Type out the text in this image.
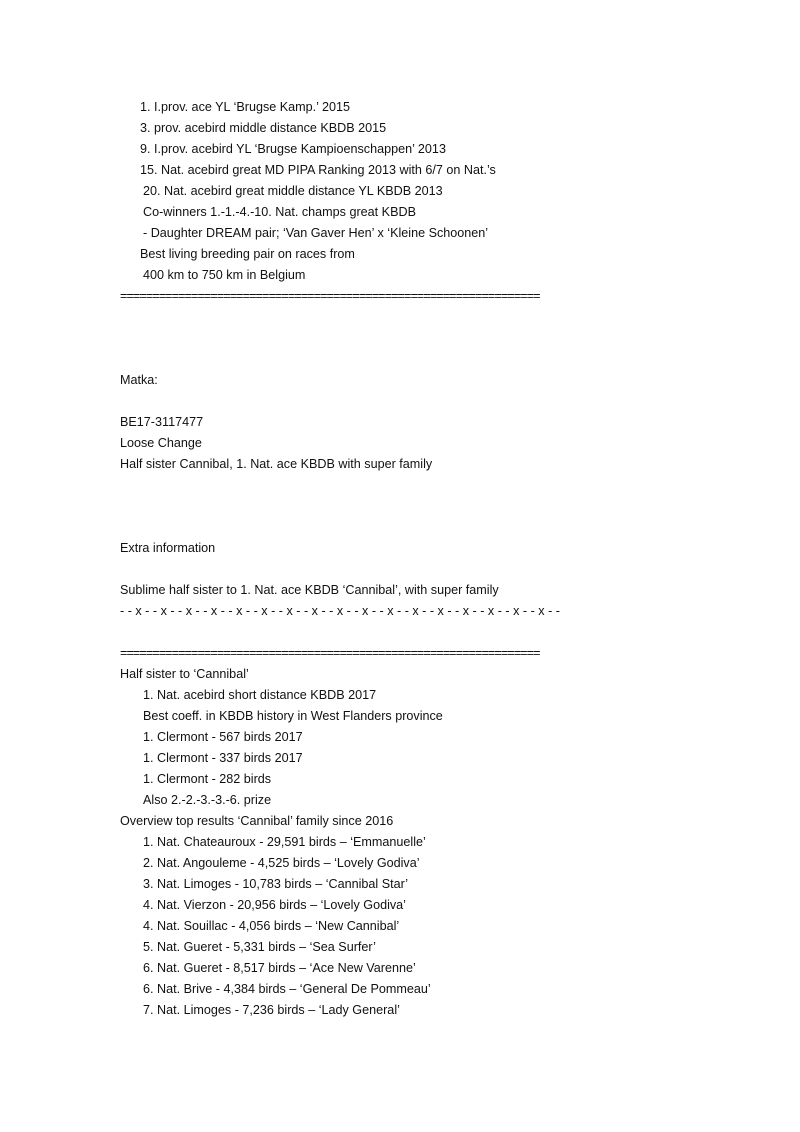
1. I.prov. ace YL ‘Brugse Kamp.’ 2015
3. prov. acebird middle distance KBDB 2015
9. I.prov. acebird YL ‘Brugse Kampioenschappen’ 2013
15. Nat. acebird great MD PIPA Ranking 2013 with 6/7 on Nat.’s
20. Nat. acebird great middle distance YL KBDB 2013
Co-winners 1.-1.-4.-10. Nat. champs great KBDB
- Daughter DREAM pair; ‘Van Gaver Hen’ x ‘Kleine Schoonen’
Best living breeding pair on races from
400 km to 750 km in Belgium
=================================================================
Matka:
BE17-3117477
Loose Change
Half sister Cannibal, 1. Nat. ace KBDB with super family
Extra information
Sublime half sister to 1. Nat. ace KBDB ‘Cannibal’, with super family
- - x - - x - - x - - x - - x - - x - - x - - x - - x - - x - - x - - x - - x - - x - - x - - x - - x - -
=================================================================
Half sister to ‘Cannibal’
1. Nat. acebird short distance KBDB 2017
Best coeff. in KBDB history in West Flanders province
1. Clermont - 567 birds 2017
1. Clermont - 337 birds 2017
1. Clermont - 282 birds
Also 2.-2.-3.-3.-6. prize
Overview top results ‘Cannibal’ family since 2016
1. Nat. Chateauroux - 29,591 birds – ‘Emmanuelle’
2. Nat. Angouleme - 4,525 birds – ‘Lovely Godiva’
3. Nat. Limoges - 10,783 birds – ‘Cannibal Star’
4. Nat. Vierzon - 20,956 birds – ‘Lovely Godiva’
4. Nat. Souillac - 4,056 birds – ‘New Cannibal’
5. Nat. Gueret - 5,331 birds – ‘Sea Surfer’
6. Nat. Gueret - 8,517 birds – ‘Ace New Varenne’
6. Nat. Brive - 4,384 birds – ‘General De Pommeau’
7. Nat. Limoges - 7,236 birds – ‘Lady General’
